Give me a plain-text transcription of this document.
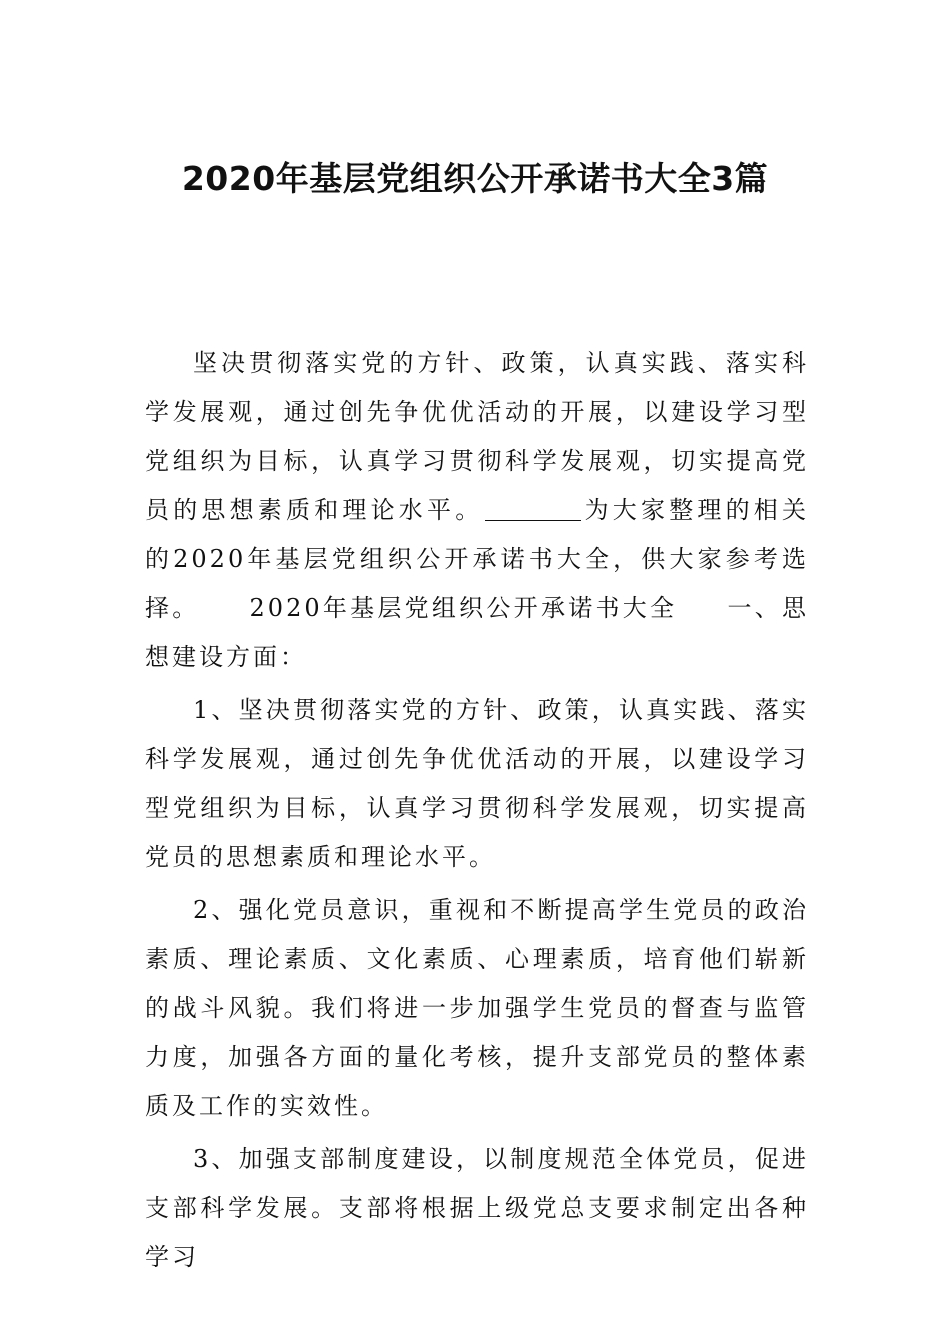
2020年基层党组织公开承诺书大全3篇

坚决贯彻落实党的方针、政策，认真实践、落实科学发展观，通过创先争优优活动的开展，以建设学习型党组织为目标，认真学习贯彻科学发展观，切实提高党员的思想素质和理论水平。	为大家整理的相关的2020年基层党组织公开承诺书大全，供大家参考选择。 2020年基层党组织公开承诺书大全 一、思想建设方面：

1、坚决贯彻落实党的方针、政策，认真实践、落实科学发展观，通过创先争优优活动的开展，以建设学习型党组织为目标，认真学习贯彻科学发展观，切实提高党员的思想素质和理论水平。

2、强化党员意识，重视和不断提高学生党员的政治素质、理论素质、文化素质、心理素质，培育他们崭新的战斗风貌。我们将进一步加强学生党员的督查与监管力度，加强各方面的量化考核，提升支部党员的整体素质及工作的实效性。

3、加强支部制度建设，以制度规范全体党员，促进支部科学发展。支部将根据上级党总支要求制定出各种学习
